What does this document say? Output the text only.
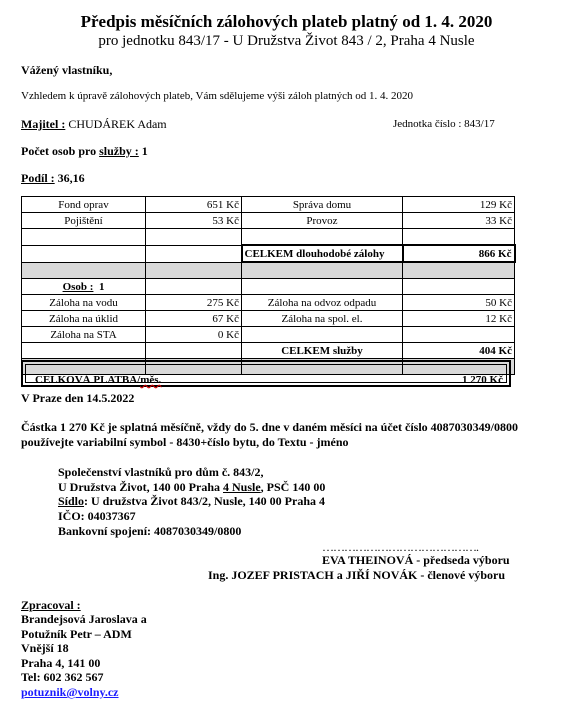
Předpis měsíčních zálohových plateb platný od 1. 4. 2020
pro jednotku 843/17 - U Družstva Život 843 / 2, Praha 4 Nusle
Vážený vlastníku,
Vzhledem k úpravě zálohových plateb, Vám sdělujeme výši záloh platných od 1. 4. 2020
Majitel : CHUDÁREK Adam	Jednotka číslo : 843/17
Počet osob pro služby : 1
Podíl : 36,16
Fond oprav	651 Kč	Správa domu	129 Kč
Pojištění	53 Kč	Provoz	33 Kč

		CELKEM dlouhodobé zálohy	866 Kč

Osob : 1			
Záloha na vodu	275 Kč	Záloha na odvoz odpadu	50 Kč
Záloha na úklid	67 Kč	Záloha na spol. el.	12 Kč
Záloha na STA	0 Kč		
		CELKEM služby	404 Kč

CELKOVÁ PLATBA/měs.	1 270 Kč
V Praze den 14.5.2022
Částka 1 270 Kč je splatná měsíčně, vždy do 5. dne v daném měsíci na účet číslo 4087030349/0800
používejte variabilní symbol - 8430+číslo bytu, do Textu - jméno
Společenství vlastníků pro dům č. 843/2,
U Družstva Život, 140 00 Praha 4 Nusle, PSČ 140 00
Sídlo: U družstva Život 843/2, Nusle, 140 00 Praha 4
IČO: 04037367
Bankovní spojení: 4087030349/0800
…………………………………….
EVA THEINOVÁ - předseda výboru
Ing. JOZEF PRISTACH a JIŘÍ NOVÁK - členové výboru
Zpracoval :
Brandejsová Jaroslava a
Potužník Petr – ADM
Vnější 18
Praha 4, 141 00
Tel: 602 362 567
potuznik@volny.cz
